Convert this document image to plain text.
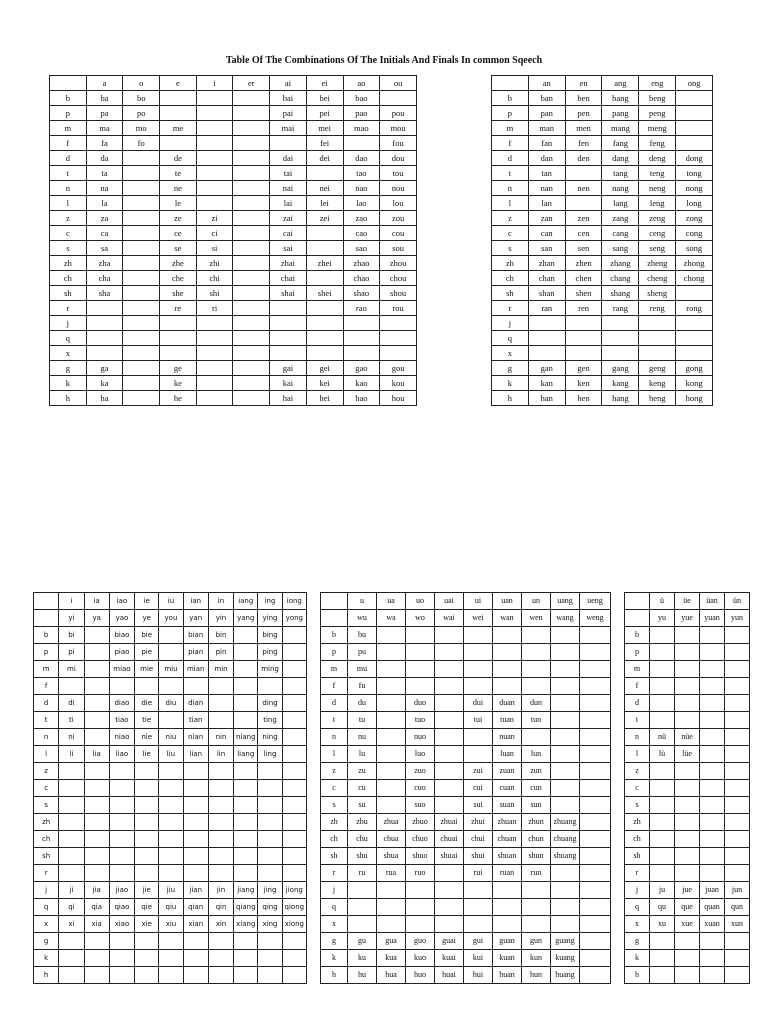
Table Of The Combinations Of The Initials And Finals In common Sqeech
	a	o	e	i	er	ai	ei	ao	ou
b	ba	bo				bai	bei	bao	
p	pa	po				pai	pei	pao	pou
m	ma	mo	me			mai	mei	mao	mou
f	fa	fo					fei		fou
d	da		de			dai	dei	dao	dou
t	ta		te			tai		tao	tou
n	na		ne			nai	nei	nao	nou
l	la		le			lai	lei	lao	lou
z	za		ze	zi		zai	zei	zao	zou
c	ca		ce	ci		cai		cao	cou
s	sa		se	si		sai		sao	sou
zh	zha		zhe	zhi		zhai	zhei	zhao	zhou
ch	cha		che	chi		chai		chao	chou
sh	sha		she	shi		shai	shei	shao	shou
r			re	ri				rao	rou
j									
q									
x									
g	ga		ge			gai	gei	gao	gou
k	ka		ke			kai	kei	kao	kou
h	ha		he			hai	hei	hao	hou
	an	en	ang	eng	ong
b	ban	ben	bang	beng	
p	pan	pen	pang	peng	
m	man	men	mang	meng	
f	fan	fen	fang	feng	
d	dan	den	dang	deng	dong
t	tan		tang	teng	tong
n	nan	nen	nang	neng	nong
l	lan		lang	leng	long
z	zan	zen	zang	zeng	zong
c	can	cen	cang	ceng	cong
s	san	sen	sang	seng	song
zh	zhan	zhen	zhang	zheng	zhong
ch	chan	chen	chang	cheng	chong
sh	shan	shen	shang	sheng	
r	ran	ren	rang	reng	rong
j					
q					
x					
g	gan	gen	gang	geng	gong
k	kan	ken	kang	keng	kong
h	han	hen	hang	heng	hong
	i	ia	iao	ie	iu	ian	in	iang	ing	iong
	yi	ya	yao	ye	you	yan	yin	yang	ying	yong
b	bi		biao	bie		bian	bin		bing	
p	pi		piao	pie		pian	pin		ping	
m	mi		miao	mie	miu	mian	min		ming	
f										
d	di		diao	die	diu	dian			ding	
t	ti		tiao	tie		tian			ting	
n	ni		niao	nie	niu	nian	nin	niang	ning	
l	li	lia	liao	lie	liu	lian	lin	liang	ling	
z										
c										
s										
zh										
ch										
sh										
r										
j	ji	jia	jiao	jie	jiu	jian	jin	jiang	jing	jiong
q	qi	qia	qiao	qie	qiu	qian	qin	qiang	qing	qiong
x	xi	xia	xiao	xie	xiu	xian	xin	xiang	xing	xiong
g										
k										
h										
	u	ua	uo	uai	ui	uan	un	uang	ueng
	wu	wa	wo	wai	wei	wan	wen	wang	weng
b	bu								
p	pu								
m	mu								
f	fu								
d	du		duo		dui	duan	dun		
t	tu		tuo		tui	tuan	tun		
n	nu		nuo			nuan			
l	lu		luo			luan	lun		
z	zu		zuo		zui	zuan	zun		
c	cu		cuo		cui	cuan	cun		
s	su		suo		sui	suan	sun		
zh	zhu	zhua	zhuo	zhuai	zhui	zhuan	zhun	zhuang	
ch	chu	chua	chuo	chuai	chui	chuan	chun	chuang	
sh	shu	shua	shuo	shuai	shui	shuan	shun	shuang	
r	ru	rua	ruo		rui	ruan	run		
j									
q									
x									
g	gu	gua	guo	guai	gui	guan	gun	guang	
k	ku	kua	kuo	kuai	kui	kuan	kun	kuang	
h	hu	hua	huo	huai	hui	huan	hun	huang	
	ü	üe	üan	ün
	yu	yue	yuan	yun
b				
p				
m				
f				
d				
t				
n	nü	nüe		
l	lü	lüe		
z				
c				
s				
zh				
ch				
sh				
r				
j	ju	jue	juan	jun
q	qu	que	quan	qun
x	xu	xue	xuan	xun
g				
k				
h				
